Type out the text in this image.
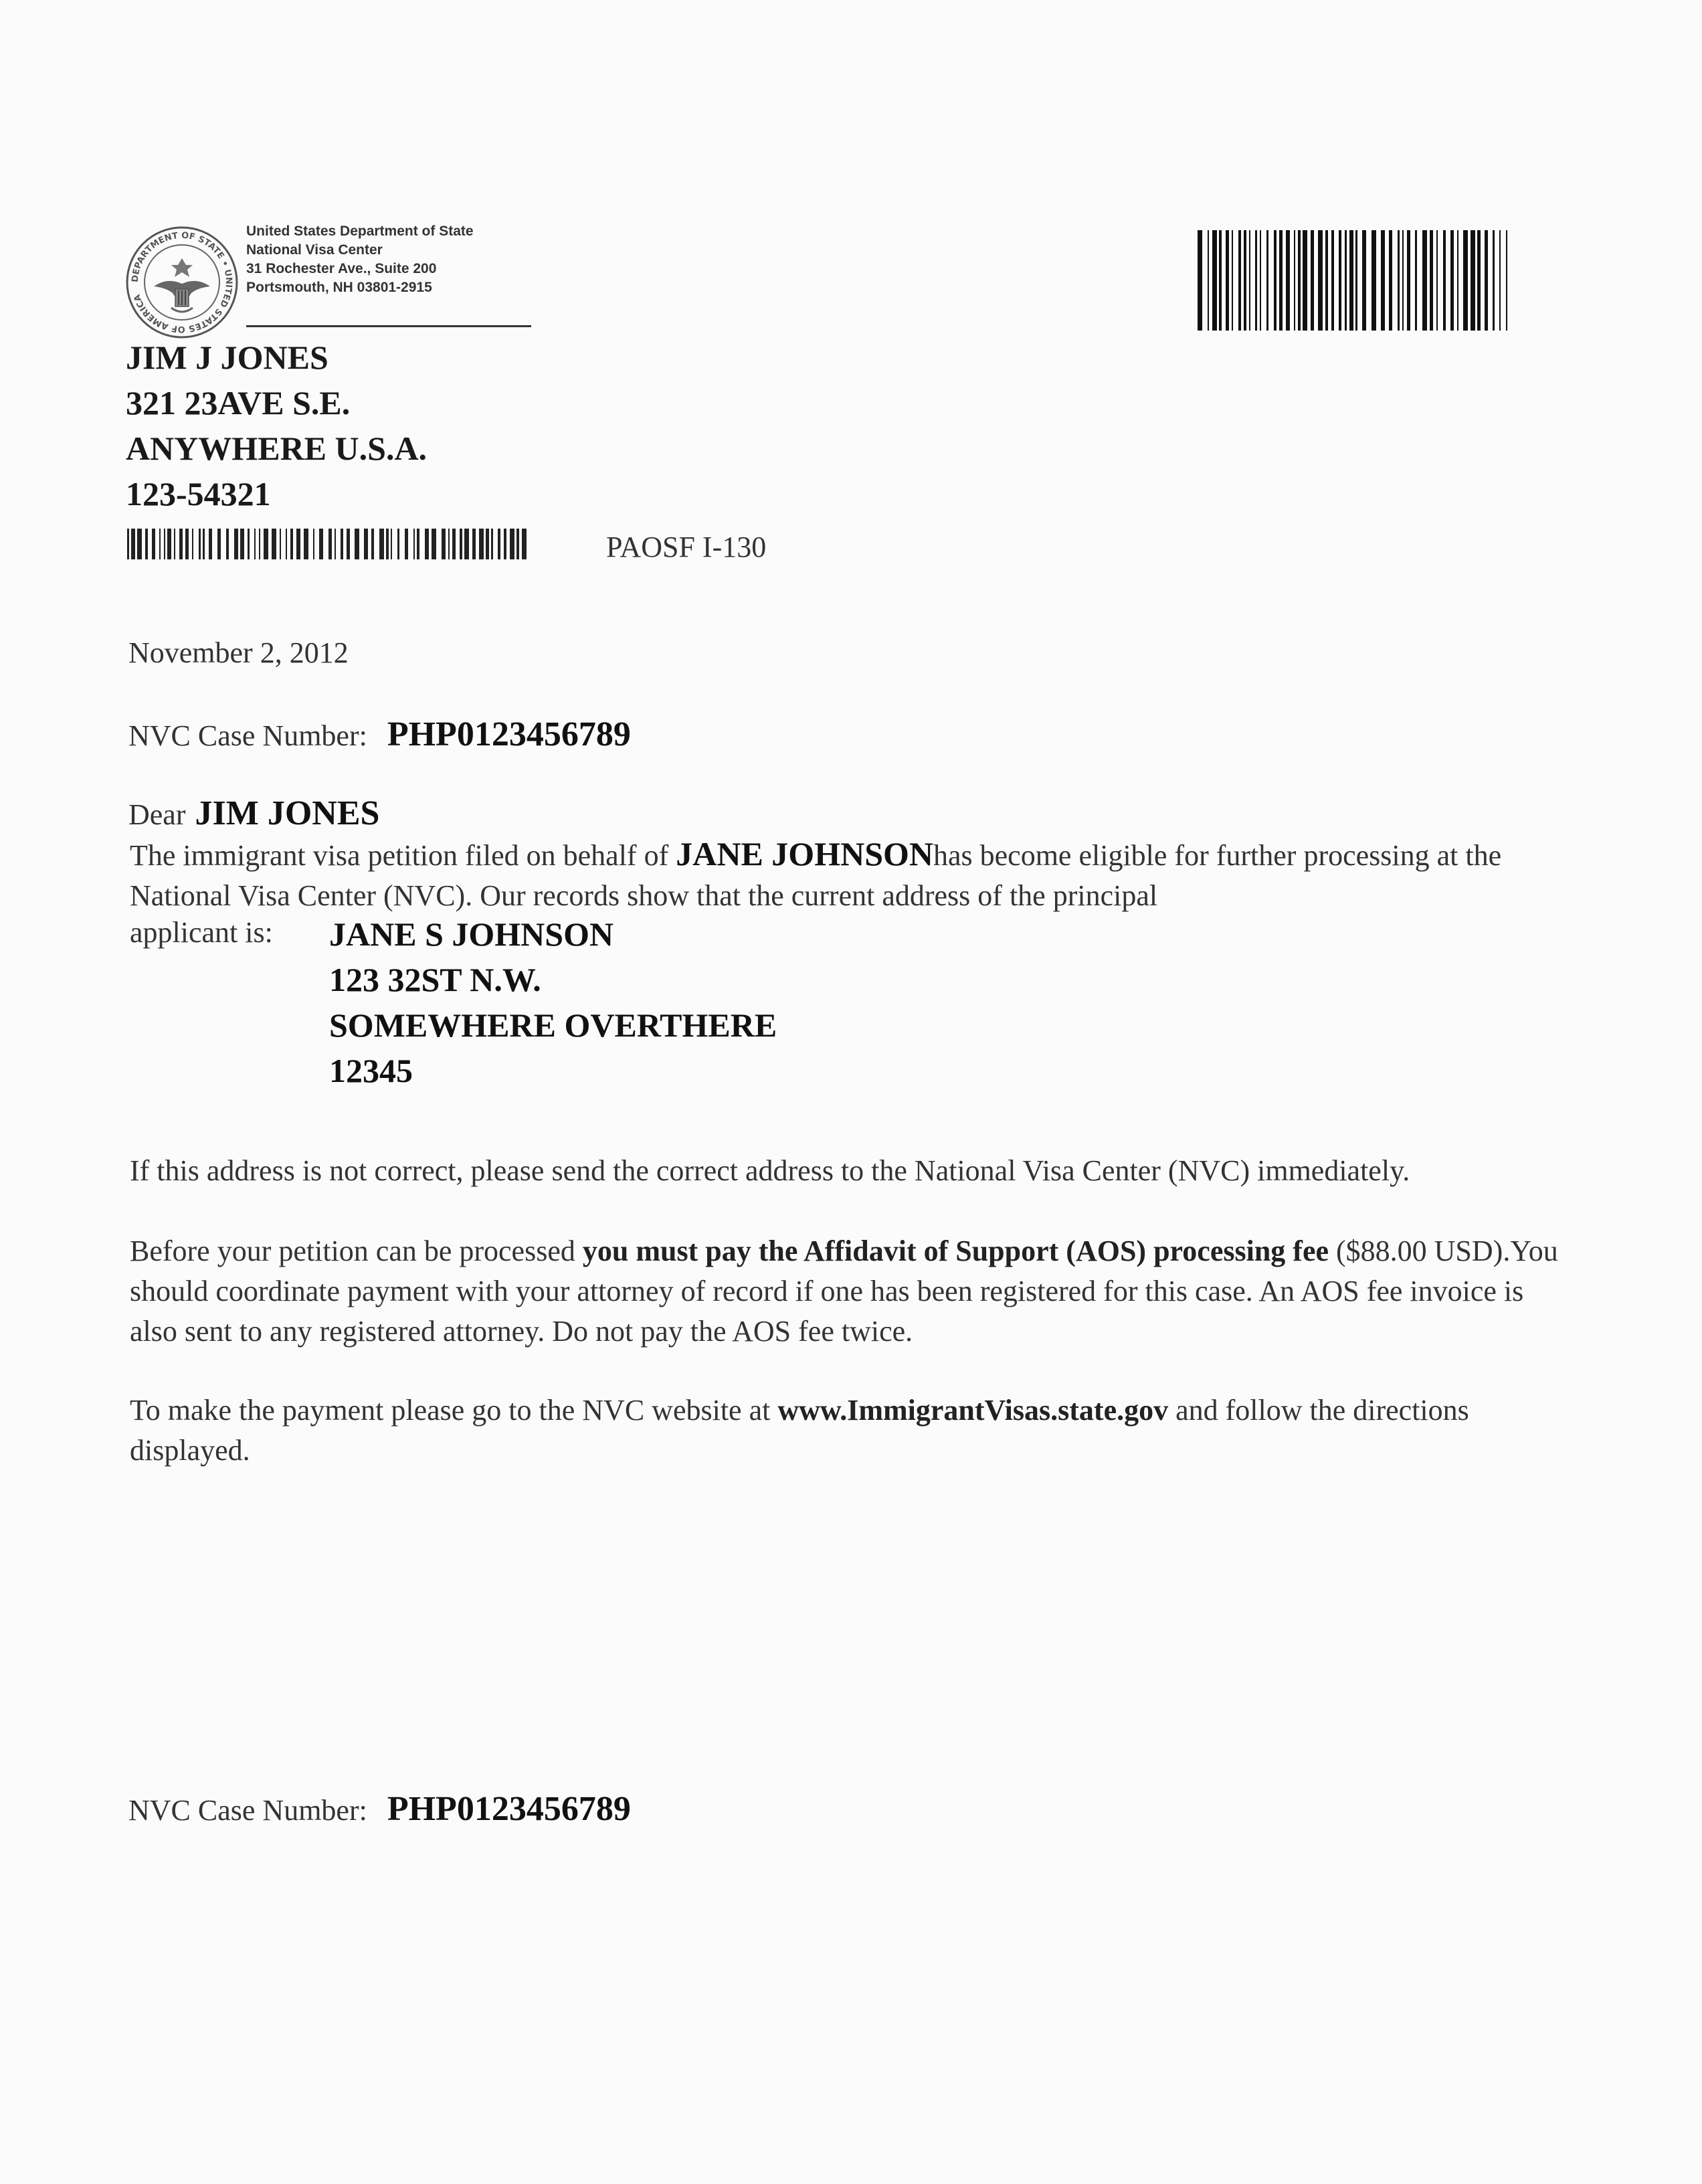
DEPARTMENT OF STATE • UNITED STATES OF AMERICA
United States Department of State
National Visa Center
31 Rochester Ave., Suite 200
Portsmouth, NH 03801-2915
JIM J JONES
321 23AVE S.E.
ANYWHERE U.S.A.
123-54321
PAOSF I-130
November 2, 2012
NVC Case Number: PHP0123456789
Dear JIM JONES
The immigrant visa petition filed on behalf of JANE JOHNSONhas become eligible for further processing at the National Visa Center (NVC). Our records show that the current address of the principal
applicant is: JANE S JOHNSON
123 32ST N.W.
SOMEWHERE OVERTHERE
12345
If this address is not correct, please send the correct address to the National Visa Center (NVC) immediately.
Before your petition can be processed you must pay the Affidavit of Support (AOS) processing fee ($88.00 USD).You should coordinate payment with your attorney of record if one has been registered for this case. An AOS fee invoice is also sent to any registered attorney. Do not pay the AOS fee twice.
To make the payment please go to the NVC website at www.ImmigrantVisas.state.gov and follow the directions displayed.
NVC Case Number: PHP0123456789
